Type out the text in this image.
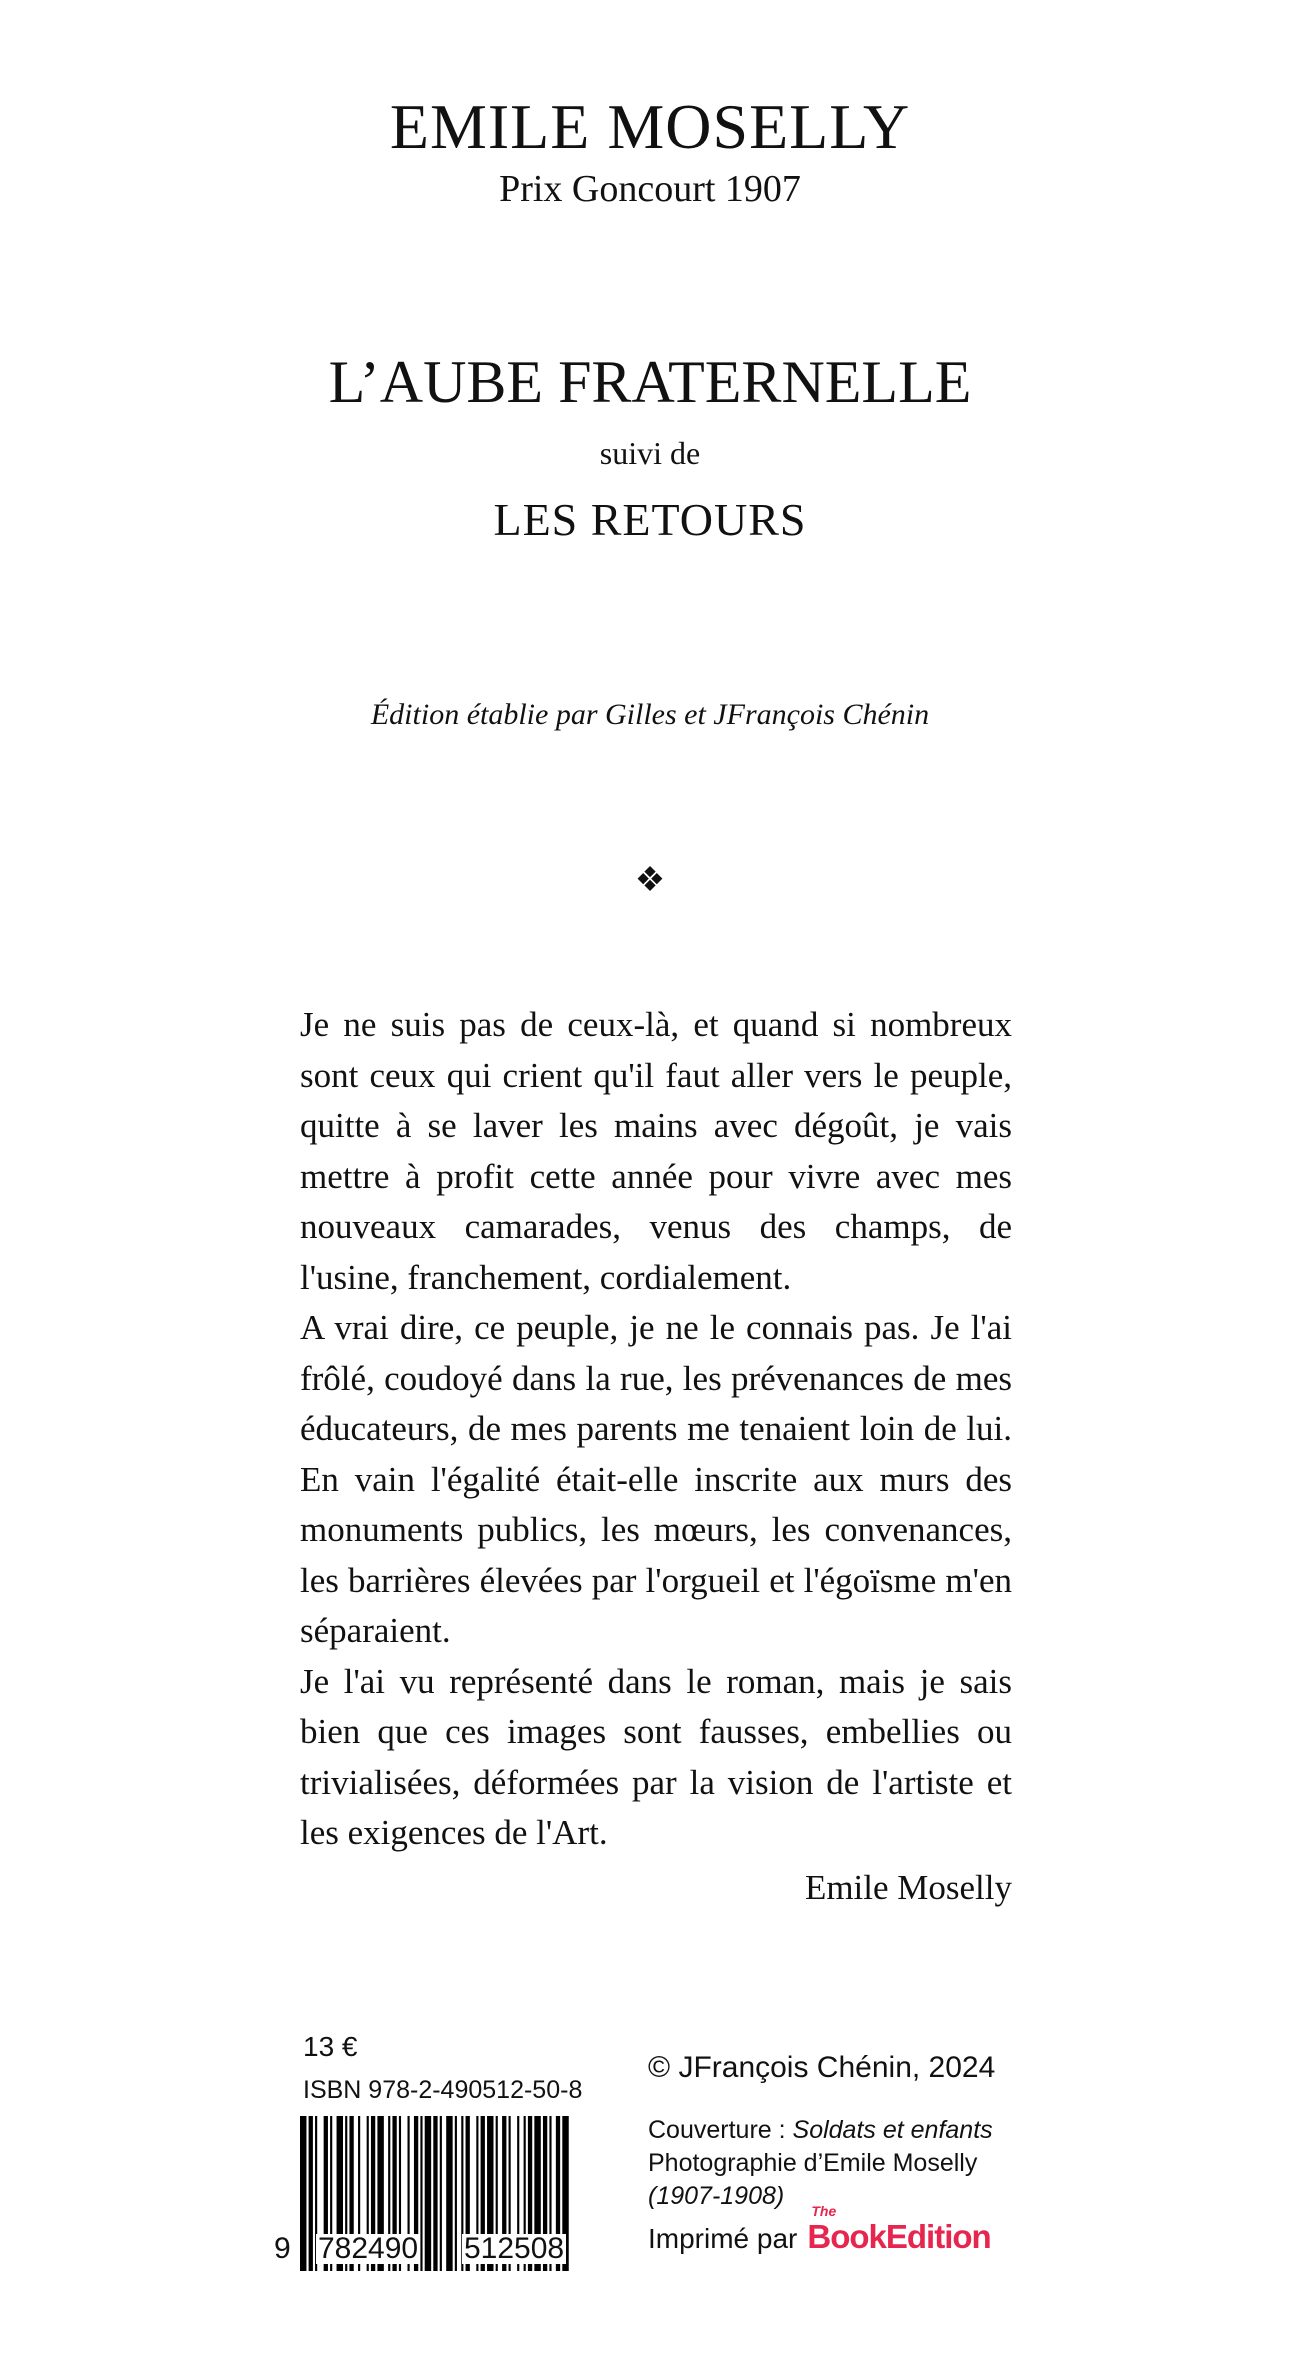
EMILE MOSELLY
Prix Goncourt 1907
L’AUBE FRATERNELLE
suivi de
LES RETOURS
Édition établie par Gilles et JFrançois Chénin
❖

Je ne suis pas de ceux-là, et quand si nombreux sont ceux qui crient qu'il faut aller vers le peuple, quitte à se laver les mains avec dégoût, je vais mettre à profit cette année pour vivre avec mes nouveaux camarades, venus des champs, de l'usine, franchement, cordialement.

A vrai dire, ce peuple, je ne le connais pas. Je l'ai frôlé, coudoyé dans la rue, les prévenances de mes éducateurs, de mes parents me tenaient loin de lui. En vain l'égalité était-elle inscrite aux murs des monuments publics, les mœurs, les convenances, les barrières élevées par l'orgueil et l'égoïsme m'en séparaient.

Je l'ai vu représenté dans le roman, mais je sais bien que ces images sont fausses, embellies ou trivialisées, déformées par la vision de l'artiste et les exigences de l'Art.

Emile Moselly
13 €
ISBN 978-2-490512-50-8
9 782490 512508
© JFrançois Chénin, 2024
Couverture : Soldats et enfants
Photographie d’Emile Moselly
(1907-1908)
Imprimé par
The
BookEdition
